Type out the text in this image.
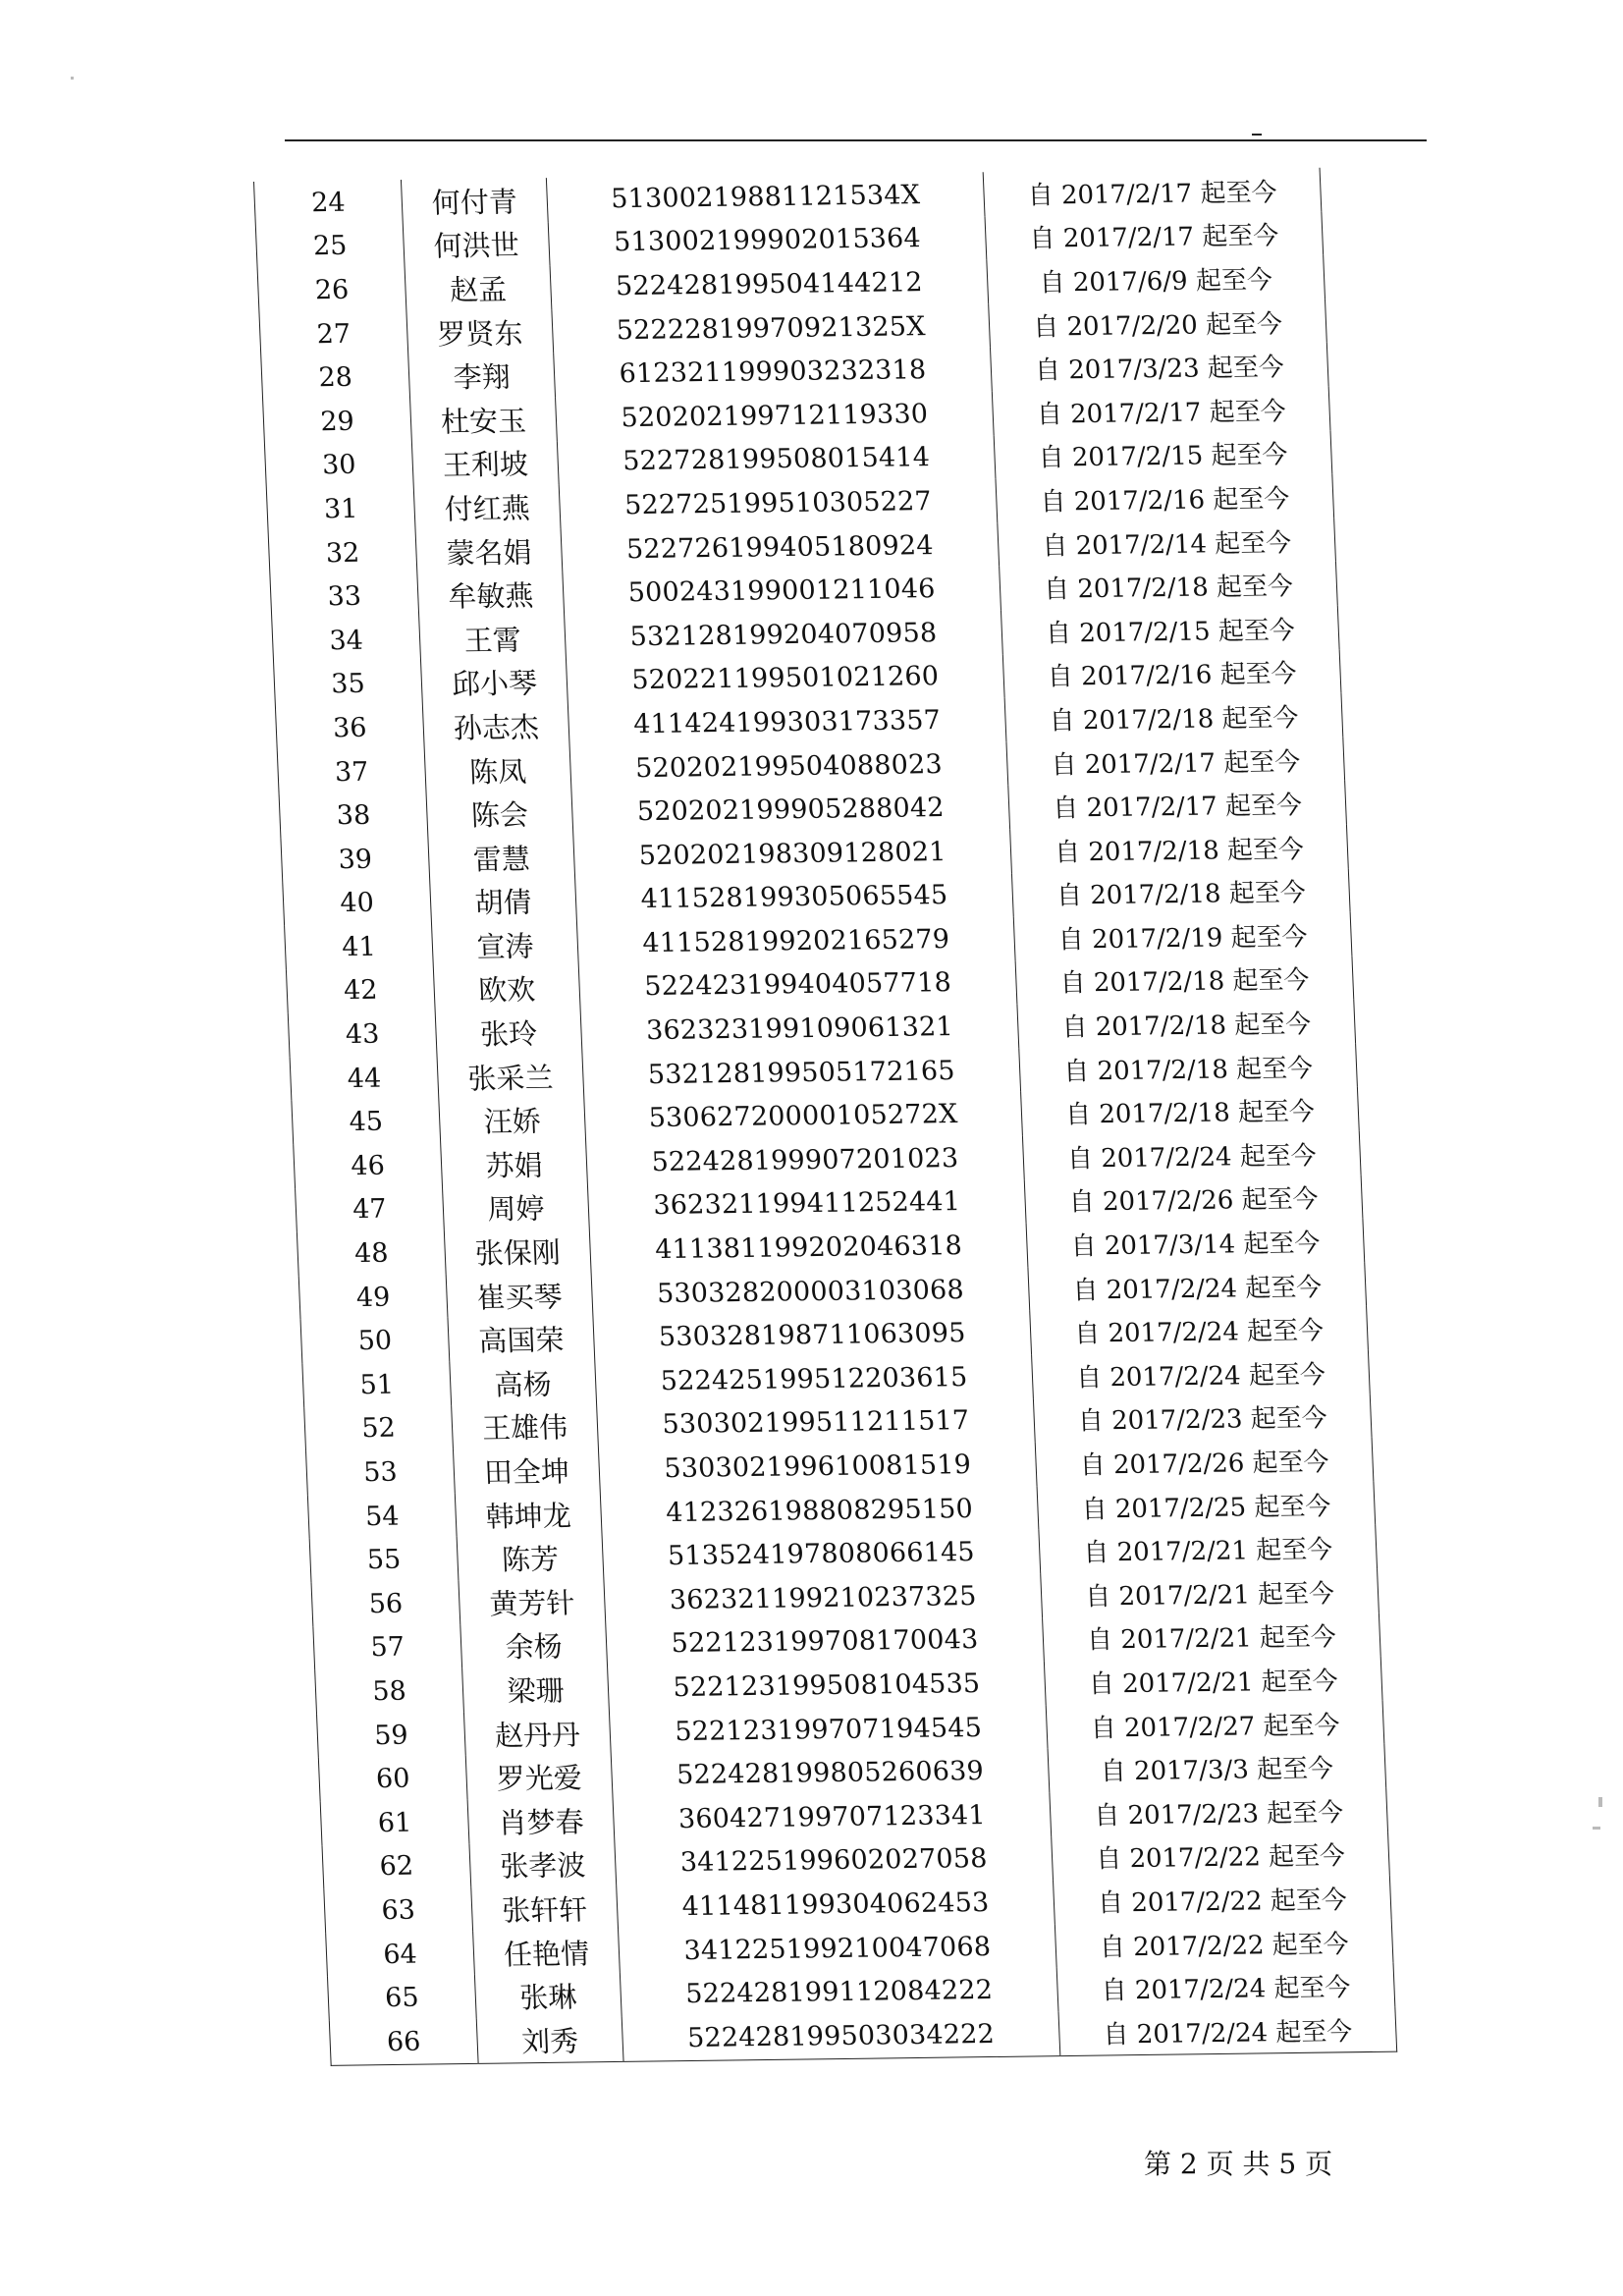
24	何付青	51300219881121534X	自 2017/2/17 起至今
25	何洪世	513002199902015364	自 2017/2/17 起至今
26	赵孟	522428199504144212	自 2017/6/9 起至今
27	罗贤东	52222819970921325X	自 2017/2/20 起至今
28	李翔	612321199903232318	自 2017/3/23 起至今
29	杜安玉	520202199712119330	自 2017/2/17 起至今
30	王利坡	522728199508015414	自 2017/2/15 起至今
31	付红燕	522725199510305227	自 2017/2/16 起至今
32	蒙名娟	522726199405180924	自 2017/2/14 起至今
33	牟敏燕	500243199001211046	自 2017/2/18 起至今
34	王霄	532128199204070958	自 2017/2/15 起至今
35	邱小琴	520221199501021260	自 2017/2/16 起至今
36	孙志杰	411424199303173357	自 2017/2/18 起至今
37	陈凤	520202199504088023	自 2017/2/17 起至今
38	陈会	520202199905288042	自 2017/2/17 起至今
39	雷慧	520202198309128021	自 2017/2/18 起至今
40	胡倩	411528199305065545	自 2017/2/18 起至今
41	宣涛	411528199202165279	自 2017/2/19 起至今
42	欧欢	522423199404057718	自 2017/2/18 起至今
43	张玲	362323199109061321	自 2017/2/18 起至今
44	张采兰	532128199505172165	自 2017/2/18 起至今
45	汪娇	53062720000105272X	自 2017/2/18 起至今
46	苏娟	522428199907201023	自 2017/2/24 起至今
47	周婷	362321199411252441	自 2017/2/26 起至今
48	张保刚	411381199202046318	自 2017/3/14 起至今
49	崔买琴	530328200003103068	自 2017/2/24 起至今
50	高国荣	530328198711063095	自 2017/2/24 起至今
51	高杨	522425199512203615	自 2017/2/24 起至今
52	王雄伟	530302199511211517	自 2017/2/23 起至今
53	田全坤	530302199610081519	自 2017/2/26 起至今
54	韩坤龙	412326198808295150	自 2017/2/25 起至今
55	陈芳	513524197808066145	自 2017/2/21 起至今
56	黄芳针	362321199210237325	自 2017/2/21 起至今
57	余杨	522123199708170043	自 2017/2/21 起至今
58	梁珊	522123199508104535	自 2017/2/21 起至今
59	赵丹丹	522123199707194545	自 2017/2/27 起至今
60	罗光爱	522428199805260639	自 2017/3/3 起至今
61	肖梦春	360427199707123341	自 2017/2/23 起至今
62	张孝波	341225199602027058	自 2017/2/22 起至今
63	张轩轩	411481199304062453	自 2017/2/22 起至今
64	任艳情	341225199210047068	自 2017/2/22 起至今
65	张琳	522428199112084222	自 2017/2/24 起至今
66	刘秀	522428199503034222	自 2017/2/24 起至今
第 2 页 共 5 页
